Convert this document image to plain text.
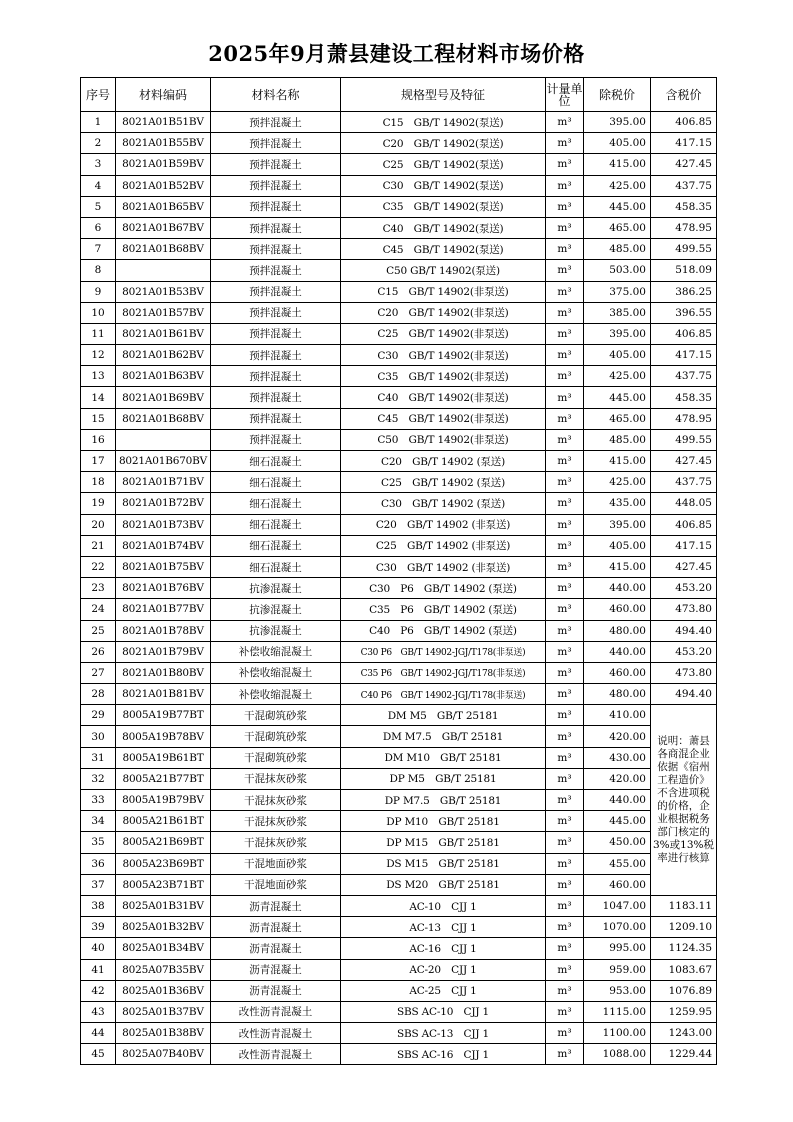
2025年9月萧县建设工程材料市场价格
序号	材料编码	材料名称	规格型号及特征	计量单位	除税价	含税价
1	8021A01B51BV	预拌混凝土	C15　GB/T 14902(泵送)	m³	395.00	406.85
2	8021A01B55BV	预拌混凝土	C20　GB/T 14902(泵送)	m³	405.00	417.15
3	8021A01B59BV	预拌混凝土	C25　GB/T 14902(泵送)	m³	415.00	427.45
4	8021A01B52BV	预拌混凝土	C30　GB/T 14902(泵送)	m³	425.00	437.75
5	8021A01B65BV	预拌混凝土	C35　GB/T 14902(泵送)	m³	445.00	458.35
6	8021A01B67BV	预拌混凝土	C40　GB/T 14902(泵送)	m³	465.00	478.95
7	8021A01B68BV	预拌混凝土	C45　GB/T 14902(泵送)	m³	485.00	499.55
8		预拌混凝土	C50 GB/T 14902(泵送)	m³	503.00	518.09
9	8021A01B53BV	预拌混凝土	C15　GB/T 14902(非泵送)	m³	375.00	386.25
10	8021A01B57BV	预拌混凝土	C20　GB/T 14902(非泵送)	m³	385.00	396.55
11	8021A01B61BV	预拌混凝土	C25　GB/T 14902(非泵送)	m³	395.00	406.85
12	8021A01B62BV	预拌混凝土	C30　GB/T 14902(非泵送)	m³	405.00	417.15
13	8021A01B63BV	预拌混凝土	C35　GB/T 14902(非泵送)	m³	425.00	437.75
14	8021A01B69BV	预拌混凝土	C40　GB/T 14902(非泵送)	m³	445.00	458.35
15	8021A01B68BV	预拌混凝土	C45　GB/T 14902(非泵送)	m³	465.00	478.95
16		预拌混凝土	C50　GB/T 14902(非泵送)	m³	485.00	499.55
17	8021A01B670BV	细石混凝土	C20　GB/T 14902 (泵送)	m³	415.00	427.45
18	8021A01B71BV	细石混凝土	C25　GB/T 14902 (泵送)	m³	425.00	437.75
19	8021A01B72BV	细石混凝土	C30　GB/T 14902 (泵送)	m³	435.00	448.05
20	8021A01B73BV	细石混凝土	C20　GB/T 14902 (非泵送)	m³	395.00	406.85
21	8021A01B74BV	细石混凝土	C25　GB/T 14902 (非泵送)	m³	405.00	417.15
22	8021A01B75BV	细石混凝土	C30　GB/T 14902 (非泵送)	m³	415.00	427.45
23	8021A01B76BV	抗渗混凝土	C30　P6　GB/T 14902 (泵送)	m³	440.00	453.20
24	8021A01B77BV	抗渗混凝土	C35　P6　GB/T 14902 (泵送)	m³	460.00	473.80
25	8021A01B78BV	抗渗混凝土	C40　P6　GB/T 14902 (泵送)	m³	480.00	494.40
26	8021A01B79BV	补偿收缩混凝土	C30 P6　GB/T 14902-JGJ/T178(非泵送)	m³	440.00	453.20
27	8021A01B80BV	补偿收缩混凝土	C35 P6　GB/T 14902-JGJ/T178(非泵送)	m³	460.00	473.80
28	8021A01B81BV	补偿收缩混凝土	C40 P6　GB/T 14902-JGJ/T178(非泵送)	m³	480.00	494.40
29	8005A19B77BT	干混砌筑砂浆	DM M5　GB/T 25181	m³	410.00	说明：萧县各商混企业依据《宿州工程造价》不含进项税的价格，企业根据税务部门核定的3%或13%税率进行核算
30	8005A19B78BV	干混砌筑砂浆	DM M7.5　GB/T 25181	m³	420.00	
31	8005A19B61BT	干混砌筑砂浆	DM M10　GB/T 25181	m³	430.00	
32	8005A21B77BT	干混抹灰砂浆	DP M5　GB/T 25181	m³	420.00	
33	8005A19B79BV	干混抹灰砂浆	DP M7.5　GB/T 25181	m³	440.00	
34	8005A21B61BT	干混抹灰砂浆	DP M10　GB/T 25181	m³	445.00	
35	8005A21B69BT	干混抹灰砂浆	DP M15　GB/T 25181	m³	450.00	
36	8005A23B69BT	干混地面砂浆	DS M15　GB/T 25181	m³	455.00	
37	8005A23B71BT	干混地面砂浆	DS M20　GB/T 25181	m³	460.00	
38	8025A01B31BV	沥青混凝土	AC-10　CJJ 1	m³	1047.00	1183.11
39	8025A01B32BV	沥青混凝土	AC-13　CJJ 1	m³	1070.00	1209.10
40	8025A01B34BV	沥青混凝土	AC-16　CJJ 1	m³	995.00	1124.35
41	8025A07B35BV	沥青混凝土	AC-20　CJJ 1	m³	959.00	1083.67
42	8025A01B36BV	沥青混凝土	AC-25　CJJ 1	m³	953.00	1076.89
43	8025A01B37BV	改性沥青混凝土	SBS AC-10　CJJ 1	m³	1115.00	1259.95
44	8025A01B38BV	改性沥青混凝土	SBS AC-13　CJJ 1	m³	1100.00	1243.00
45	8025A07B40BV	改性沥青混凝土	SBS AC-16　CJJ 1	m³	1088.00	1229.44
